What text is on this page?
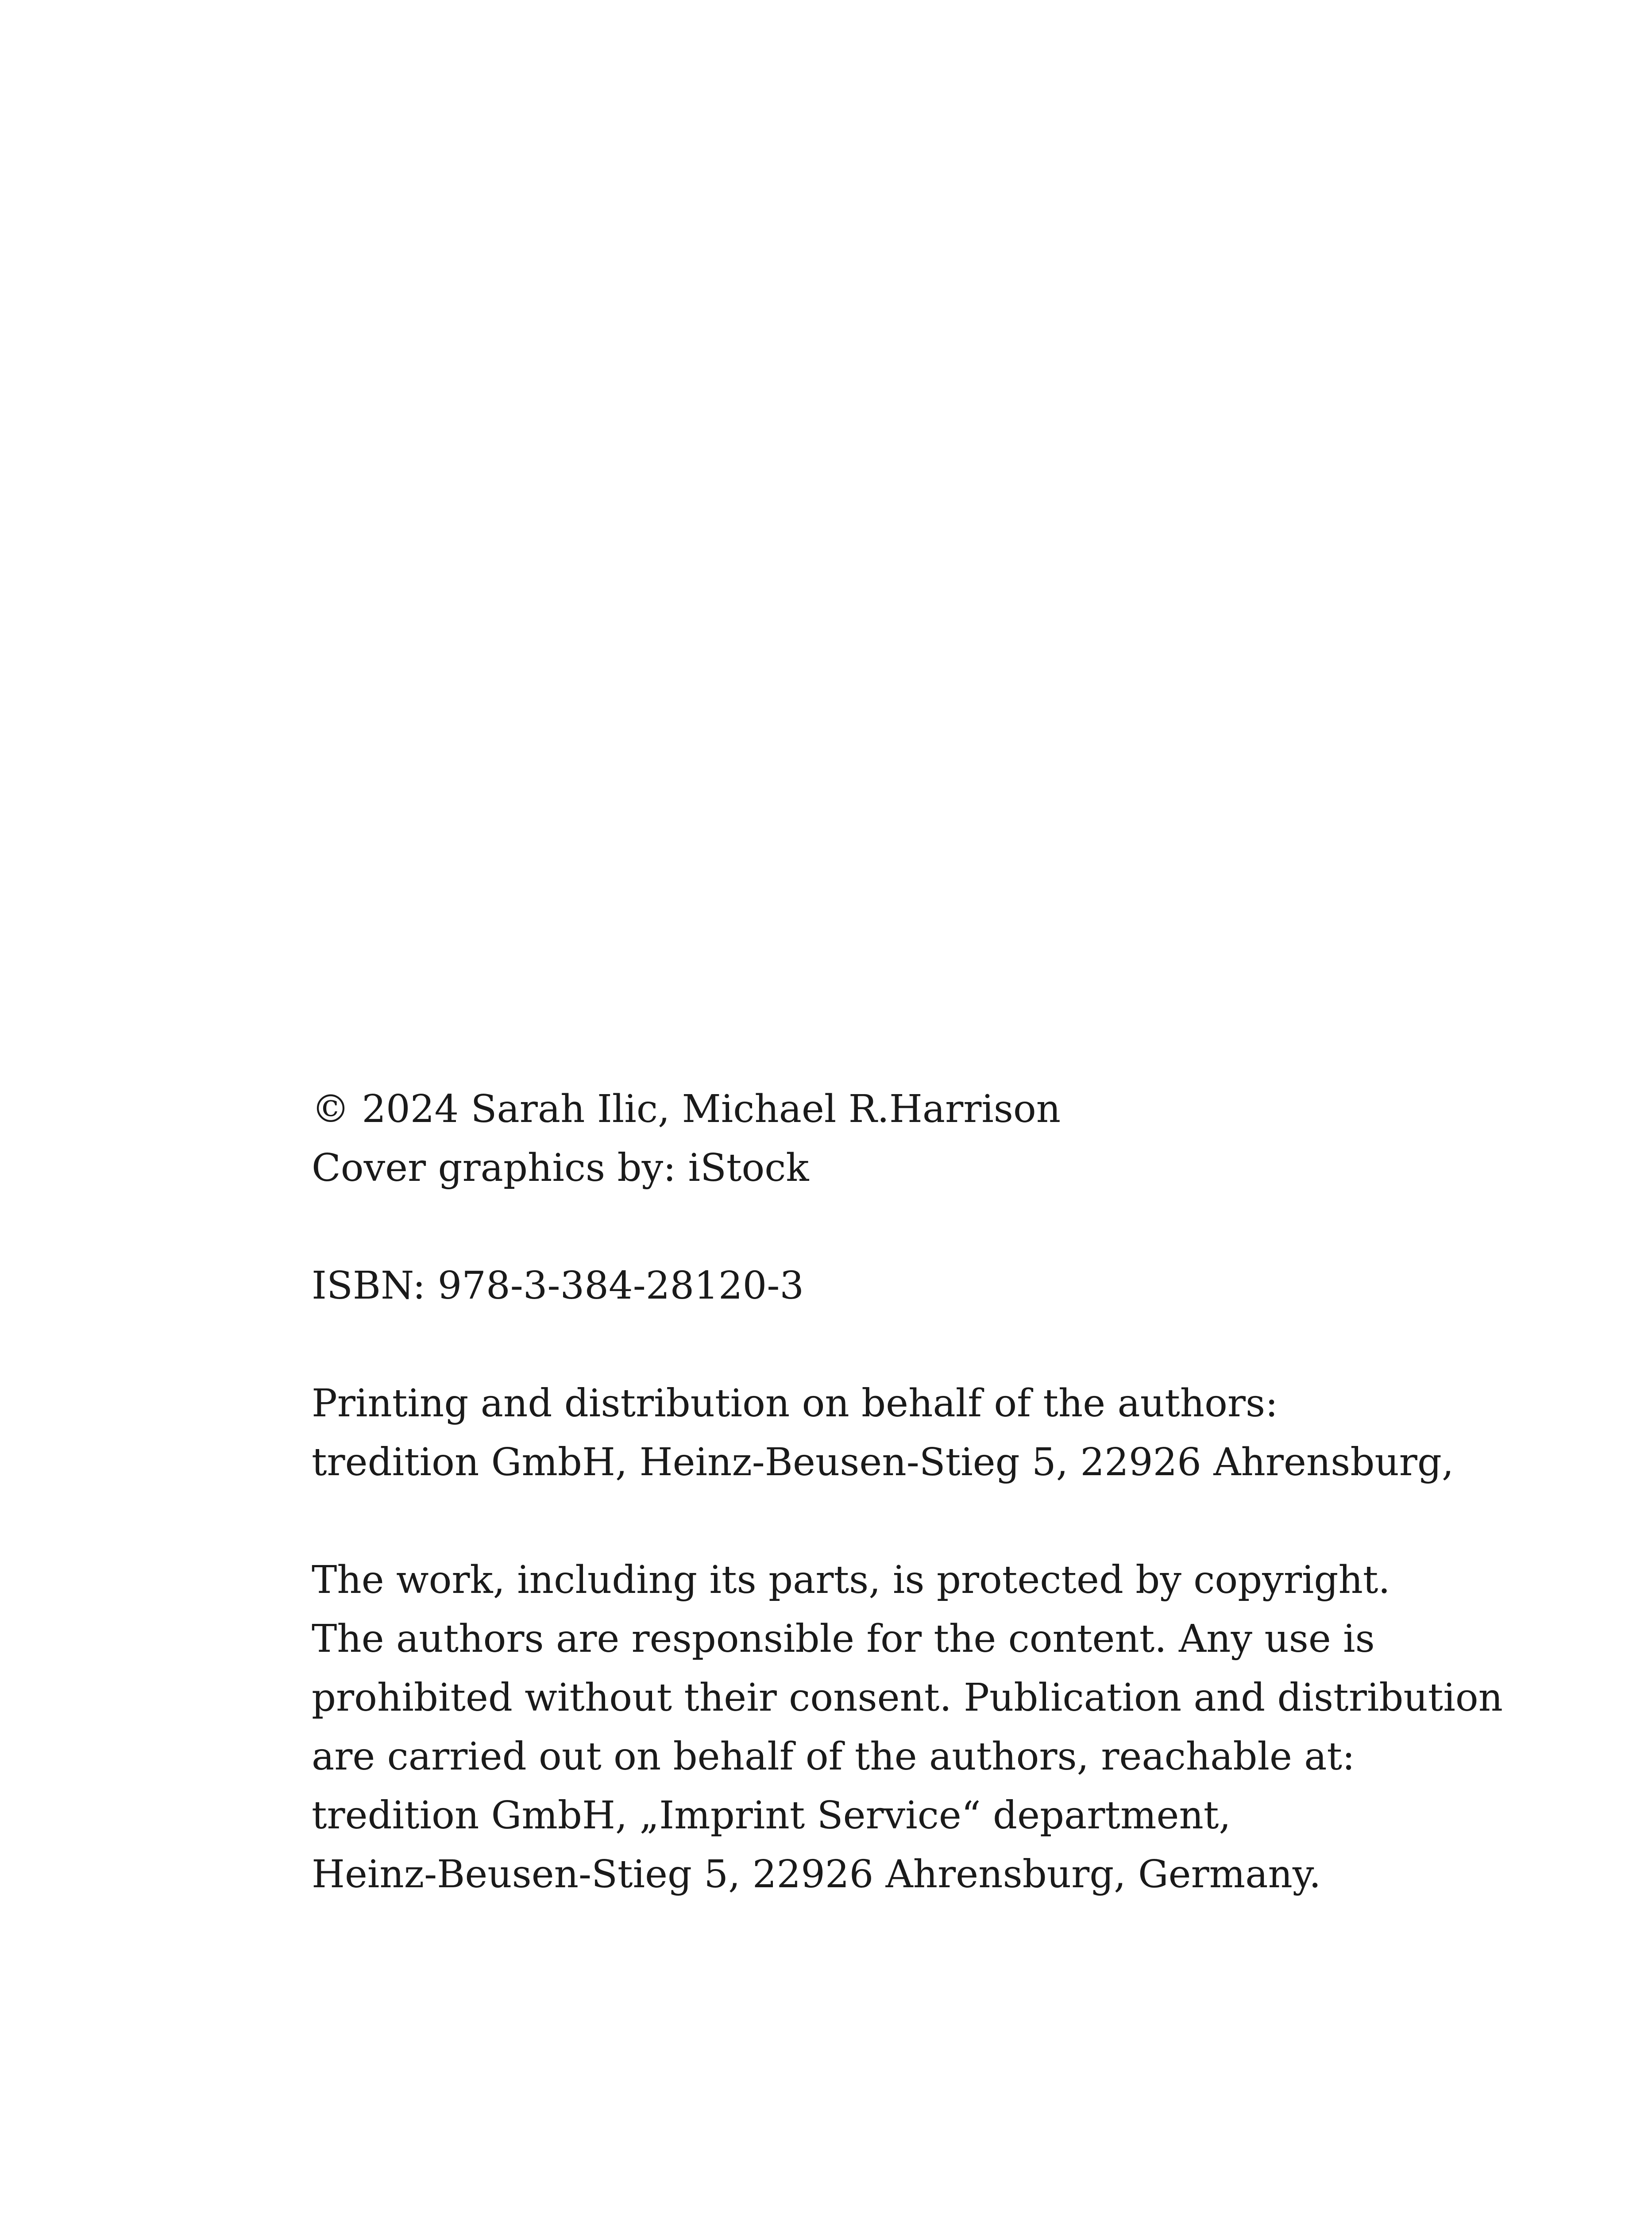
© 2024 Sarah Ilic, Michael R.Harrison
Cover graphics by: iStock
ISBN: 978-3-384-28120-3
Printing and distribution on behalf of the authors:
tredition GmbH, Heinz-Beusen-Stieg 5, 22926 Ahrensburg,
The work, including its parts, is protected by copyright.
The authors are responsible for the content. Any use is
prohibited without their consent. Publication and distribution
are carried out on behalf of the authors, reachable at:
tredition GmbH, „Imprint Service“ department,
Heinz-Beusen-Stieg 5, 22926 Ahrensburg, Germany.
